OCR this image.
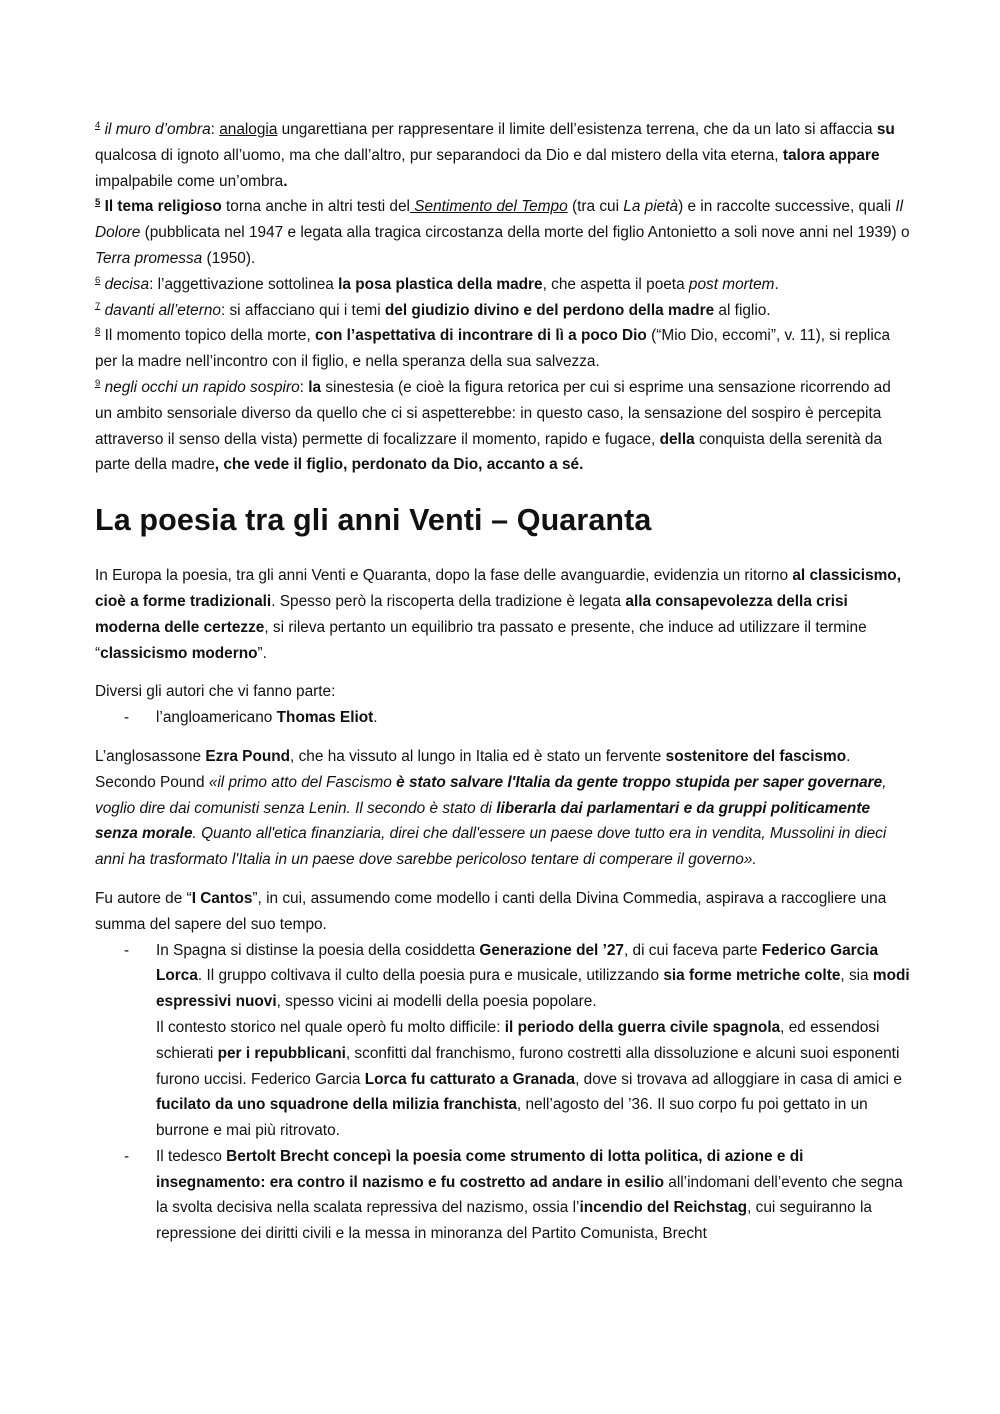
$^4$ il muro d’ombra: analogia ungarettiana per rappresentare il limite dell’esistenza terrena, che da un lato si affaccia su qualcosa di ignoto all’uomo, ma che dall’altro, pur separandoci da Dio e dal mistero della vita eterna, talora appare impalpabile come un’ombra.

$^5$ Il tema religioso torna anche in altri testi del Sentimento del Tempo (tra cui La pietà) e in raccolte successive, quali Il Dolore (pubblicata nel 1947 e legata alla tragica circostanza della morte del figlio Antonietto a soli nove anni nel 1939) o Terra promessa (1950).

$^6$ decisa: l’aggettivazione sottolinea la posa plastica della madre, che aspetta il poeta post mortem.

$^7$ davanti all’eterno: si affacciano qui i temi del giudizio divino e del perdono della madre al figlio.

$^8$ Il momento topico della morte, con l’aspettativa di incontrare di lì a poco Dio (“Mio Dio, eccomi”, v. 11), si replica per la madre nell’incontro con il figlio, e nella speranza della sua salvezza.

$^9$ negli occhi un rapido sospiro: la sinestesia (e cioè la figura retorica per cui si esprime una sensazione ricorrendo ad un ambito sensoriale diverso da quello che ci si aspetterebbe: in questo caso, la sensazione del sospiro è percepita attraverso il senso della vista) permette di focalizzare il momento, rapido e fugace, della conquista della serenità da parte della madre, che vede il figlio, perdonato da Dio, accanto a sé.

La poesia tra gli anni Venti – Quaranta

In Europa la poesia, tra gli anni Venti e Quaranta, dopo la fase delle avanguardie, evidenzia un ritorno al classicismo, cioè a forme tradizionali. Spesso però la riscoperta della tradizione è legata alla consapevolezza della crisi moderna delle certezze, si rileva pertanto un equilibrio tra passato e presente, che induce ad utilizzare il termine “classicismo moderno”.

Diversi gli autori che vi fanno parte:

- l’angloamericano Thomas Eliot.

L’anglosassone Ezra Pound, che ha vissuto al lungo in Italia ed è stato un fervente sostenitore del fascismo. Secondo Pound «il primo atto del Fascismo è stato salvare l'Italia da gente troppo stupida per saper governare, voglio dire dai comunisti senza Lenin. Il secondo è stato di liberarla dai parlamentari e da gruppi politicamente senza morale. Quanto all'etica finanziaria, direi che dall'essere un paese dove tutto era in vendita, Mussolini in dieci anni ha trasformato l'Italia in un paese dove sarebbe pericoloso tentare di comperare il governo».

Fu autore de “I Cantos”, in cui, assumendo come modello i canti della Divina Commedia, aspirava a raccogliere una summa del sapere del suo tempo.

- In Spagna si distinse la poesia della cosiddetta Generazione del ’27, di cui faceva parte Federico Garcia Lorca. Il gruppo coltivava il culto della poesia pura e musicale, utilizzando sia forme metriche colte, sia modi espressivi nuovi, spesso vicini ai modelli della poesia popolare.
Il contesto storico nel quale operò fu molto difficile: il periodo della guerra civile spagnola, ed essendosi schierati per i repubblicani, sconfitti dal franchismo, furono costretti alla dissoluzione e alcuni suoi esponenti furono uccisi. Federico Garcia Lorca fu catturato a Granada, dove si trovava ad alloggiare in casa di amici e fucilato da uno squadrone della milizia franchista, nell’agosto del ’36. Il suo corpo fu poi gettato in un burrone e mai più ritrovato.
- Il tedesco Bertolt Brecht concepì la poesia come strumento di lotta politica, di azione e di insegnamento: era contro il nazismo e fu costretto ad andare in esilio all’indomani dell’evento che segna la svolta decisiva nella scalata repressiva del nazismo, ossia l’incendio del Reichstag, cui seguiranno la repressione dei diritti civili e la messa in minoranza del Partito Comunista, Brecht
